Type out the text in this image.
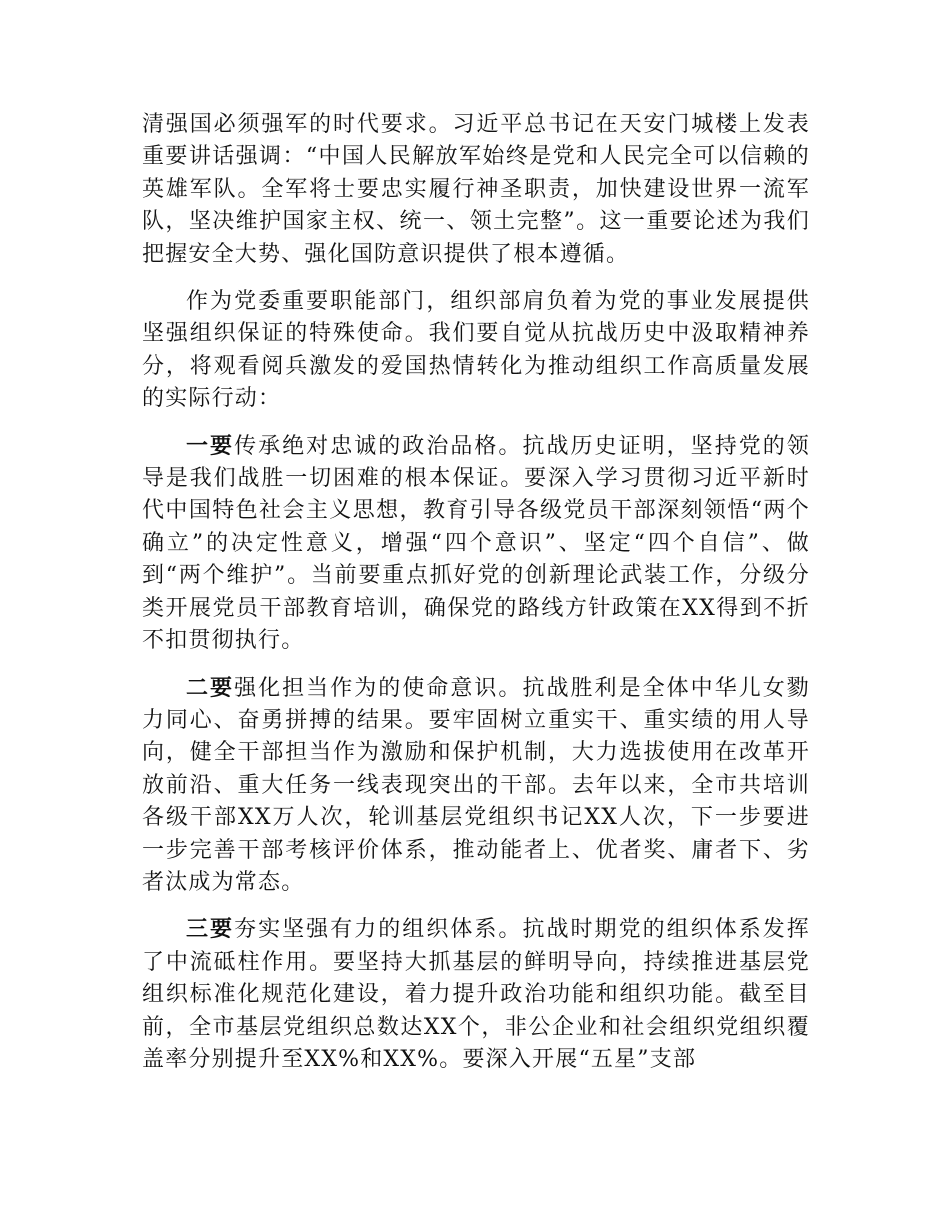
清强国必须强军的时代要求。习近平总书记在天安门城楼上发表重要讲话强调：“中国人民解放军始终是党和人民完全可以信赖的英雄军队。全军将士要忠实履行神圣职责，加快建设世界一流军队，坚决维护国家主权、统一、领土完整”。这一重要论述为我们把握安全大势、强化国防意识提供了根本遵循。

作为党委重要职能部门，组织部肩负着为党的事业发展提供坚强组织保证的特殊使命。我们要自觉从抗战历史中汲取精神养分，将观看阅兵激发的爱国热情转化为推动组织工作高质量发展的实际行动：

一要传承绝对忠诚的政治品格。抗战历史证明，坚持党的领导是我们战胜一切困难的根本保证。要深入学习贯彻习近平新时代中国特色社会主义思想，教育引导各级党员干部深刻领悟“两个确立”的决定性意义，增强“四个意识”、坚定“四个自信”、做到“两个维护”。当前要重点抓好党的创新理论武装工作，分级分类开展党员干部教育培训，确保党的路线方针政策在XX得到不折不扣贯彻执行。

二要强化担当作为的使命意识。抗战胜利是全体中华儿女勠力同心、奋勇拼搏的结果。要牢固树立重实干、重实绩的用人导向，健全干部担当作为激励和保护机制，大力选拔使用在改革开放前沿、重大任务一线表现突出的干部。去年以来，全市共培训各级干部XX万人次，轮训基层党组织书记XX人次，下一步要进一步完善干部考核评价体系，推动能者上、优者奖、庸者下、劣者汰成为常态。

三要夯实坚强有力的组织体系。抗战时期党的组织体系发挥了中流砥柱作用。要坚持大抓基层的鲜明导向，持续推进基层党组织标准化规范化建设，着力提升政治功能和组织功能。截至目前，全市基层党组织总数达XX个，非公企业和社会组织党组织覆盖率分别提升至XX%和XX%。要深入开展“五星”支部
